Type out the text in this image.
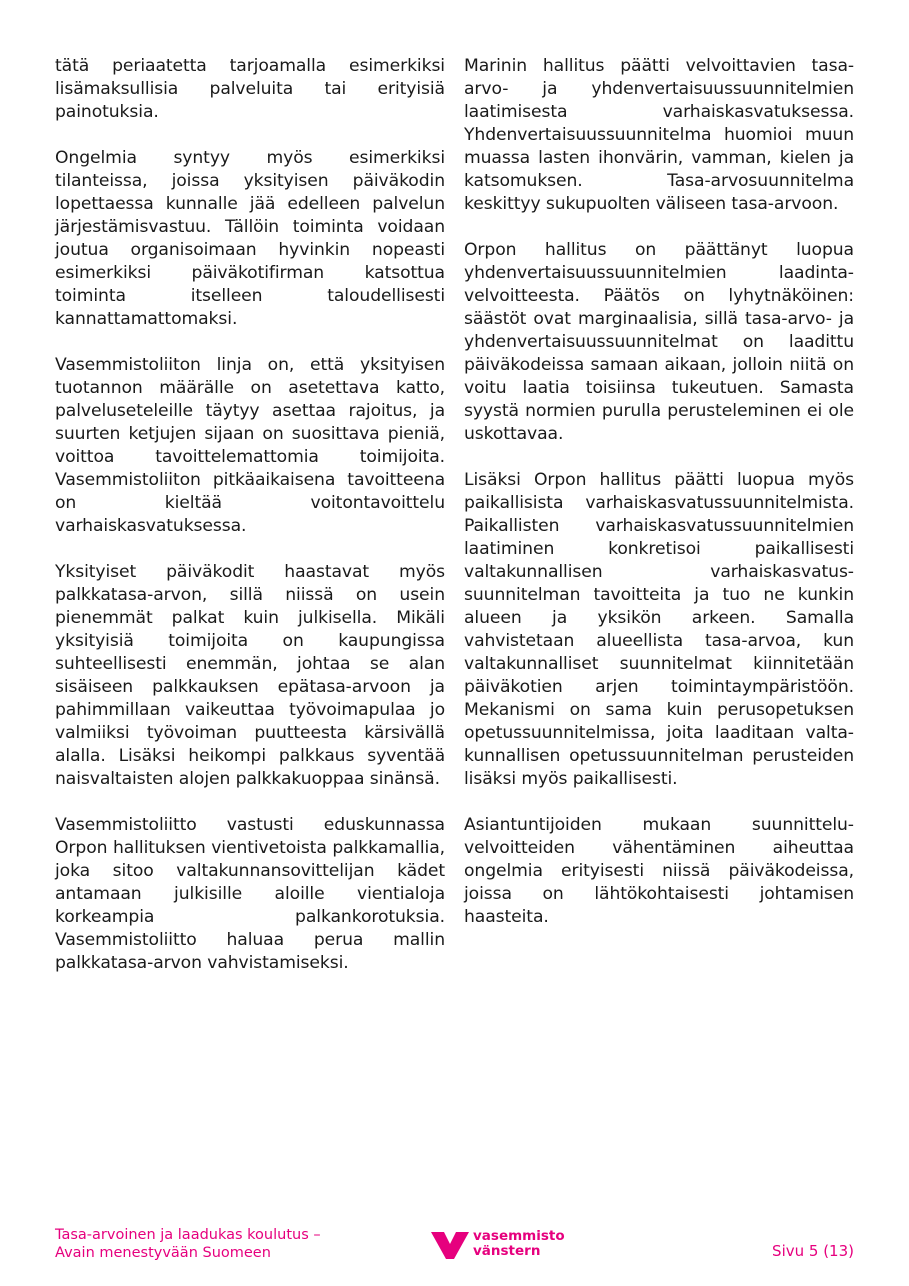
tätä periaatetta tarjoamalla esimerkiksi lisämaksullisia palveluita tai erityisiä painotuksia.

Ongelmia syntyy myös esimerkiksi tilanteissa, joissa yksityisen päiväkodin lopettaessa kunnalle jää edelleen palvelun järjestämisvastuu. Tällöin toiminta voidaan joutua organisoimaan hyvinkin nopeasti esimerkiksi päiväkotifirman katsottua toiminta itselleen taloudellisesti kannattamattomaksi.

Vasemmistoliiton linja on, että yksityisen tuotannon määrälle on asetettava katto, palveluseteleille täytyy asettaa rajoitus, ja suurten ketjujen sijaan on suosittava pieniä, voittoa tavoittelemattomia toimijoita. Vasemmistoliiton pitkäaikaisena tavoitteena on kieltää voitontavoittelu varhaiskasvatuksessa.

Yksityiset päiväkodit haastavat myös palkkatasa-arvon, sillä niissä on usein pienemmät palkat kuin julkisella. Mikäli yksityisiä toimijoita on kaupungissa suhteellisesti enemmän, johtaa se alan sisäiseen palkkauksen epätasa-arvoon ja pahimmillaan vaikeuttaa työvoimapulaa jo valmiiksi työvoiman puutteesta kärsivällä alalla. Lisäksi heikompi palkkaus syventää naisvaltaisten alojen palkkakuoppaa sinänsä.

Vasemmistoliitto vastusti eduskunnassa Orpon hallituksen vientivetoista palkkamallia, joka sitoo valtakunnansovittelijan kädet antamaan julkisille aloille vientialoja korkeampia palkankorotuksia. Vasemmistoliitto haluaa perua mallin palkkatasa-arvon vahvistamiseksi.

Marinin hallitus päätti velvoittavien tasa-arvo- ja yhdenvertaisuussuunnitelmien laatimisesta varhaiskasvatuksessa. Yhdenvertaisuussuunnitelma huomioi muun muassa lasten ihonvärin, vamman, kielen ja katsomuksen. Tasa-arvosuunnitelma keskittyy sukupuolten väliseen tasa-arvoon.

Orpon hallitus on päättänyt luopua yhdenvertaisuussuunnitelmien laadintavelvoitteesta. Päätös on lyhytnäköinen: säästöt ovat marginaalisia, sillä tasa-arvo- ja yhdenvertaisuussuunnitelmat on laadittu päiväkodeissa samaan aikaan, jolloin niitä on voitu laatia toisiinsa tukeutuen. Samasta syystä normien purulla perusteleminen ei ole uskottavaa.

Lisäksi Orpon hallitus päätti luopua myös paikallisista varhaiskasvatussuunnitelmista. Paikallisten varhaiskasvatussuunnitelmien laatiminen konkretisoi paikallisesti valtakunnallisen varhaiskasvatussuunnitelman tavoitteita ja tuo ne kunkin alueen ja yksikön arkeen. Samalla vahvistetaan alueellista tasa-arvoa, kun valtakunnalliset suunnitelmat kiinnitetään päiväkotien arjen toimintaympäristöön. Mekanismi on sama kuin perusopetuksen opetussuunnitelmissa, joita laaditaan valtakunnallisen opetussuunnitelman perusteiden lisäksi myös paikallisesti.

Asiantuntijoiden mukaan suunnitteluvelvoitteiden vähentäminen aiheuttaa ongelmia erityisesti niissä päiväkodeissa, joissa on lähtökohtaisesti johtamisen haasteita.

Tasa-arvoinen ja laadukas koulutus –
Avain menestyvään Suomeen
vasemmisto
vänstern	Sivu 5 (13)
